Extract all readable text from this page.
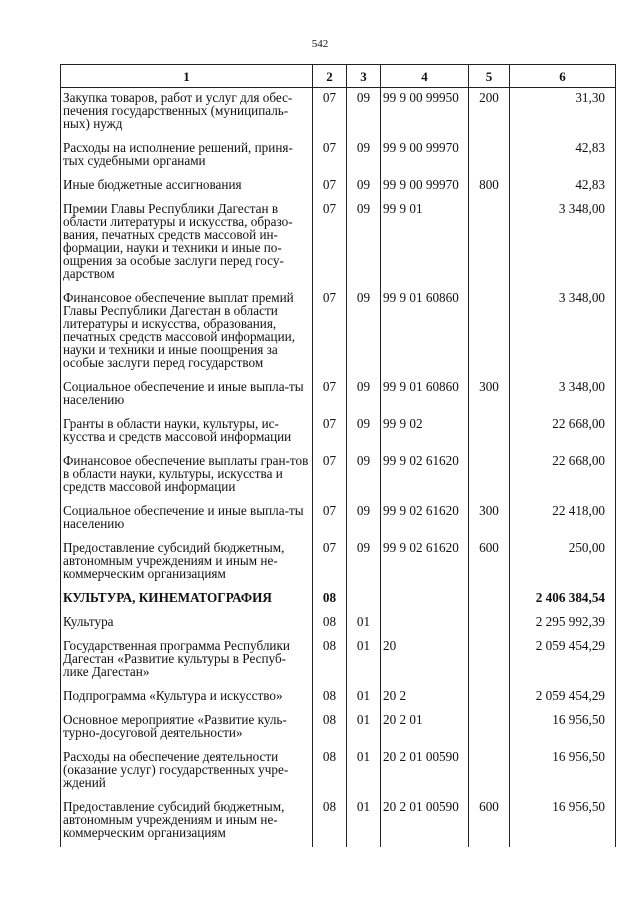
542
1	2	3	4	5	6
Закупка товаров, работ и услуг для обес-печения государственных (муниципаль-ных) нужд	07	09	99 9 00 99950	200	31,30
Расходы на исполнение решений, приня-тых судебными органами	07	09	99 9 00 99970		42,83
Иные бюджетные ассигнования	07	09	99 9 00 99970	800	42,83
Премии Главы Республики Дагестан в области литературы и искусства, образо-вания, печатных средств массовой ин-формации, науки и техники и иные по-ощрения за особые заслуги перед госу-дарством	07	09	99 9 01		3 348,00
Финансовое обеспечение выплат премий Главы Республики Дагестан в области литературы и искусства, образования, печатных средств массовой информации, науки и техники и иные поощрения за особые заслуги перед государством	07	09	99 9 01 60860		3 348,00
Социальное обеспечение и иные выпла-ты населению	07	09	99 9 01 60860	300	3 348,00
Гранты в области науки, культуры, ис-кусства и средств массовой информации	07	09	99 9 02		22 668,00
Финансовое обеспечение выплаты гран-тов в области науки, культуры, искусства и средств массовой информации	07	09	99 9 02 61620		22 668,00
Социальное обеспечение и иные выпла-ты населению	07	09	99 9 02 61620	300	22 418,00
Предоставление субсидий бюджетным, автономным учреждениям и иным не-коммерческим организациям	07	09	99 9 02 61620	600	250,00
КУЛЬТУРА, КИНЕМАТОГРАФИЯ	08				2 406 384,54
Культура	08	01			2 295 992,39
Государственная программа Республики Дагестан «Развитие культуры в Респуб-лике Дагестан»	08	01	20		2 059 454,29
Подпрограмма «Культура и искусство»	08	01	20 2		2 059 454,29
Основное мероприятие «Развитие куль-турно-досуговой деятельности»	08	01	20 2 01		16 956,50
Расходы на обеспечение деятельности (оказание услуг) государственных учре-ждений	08	01	20 2 01 00590		16 956,50
Предоставление субсидий бюджетным, автономным учреждениям и иным не-коммерческим организациям	08	01	20 2 01 00590	600	16 956,50
